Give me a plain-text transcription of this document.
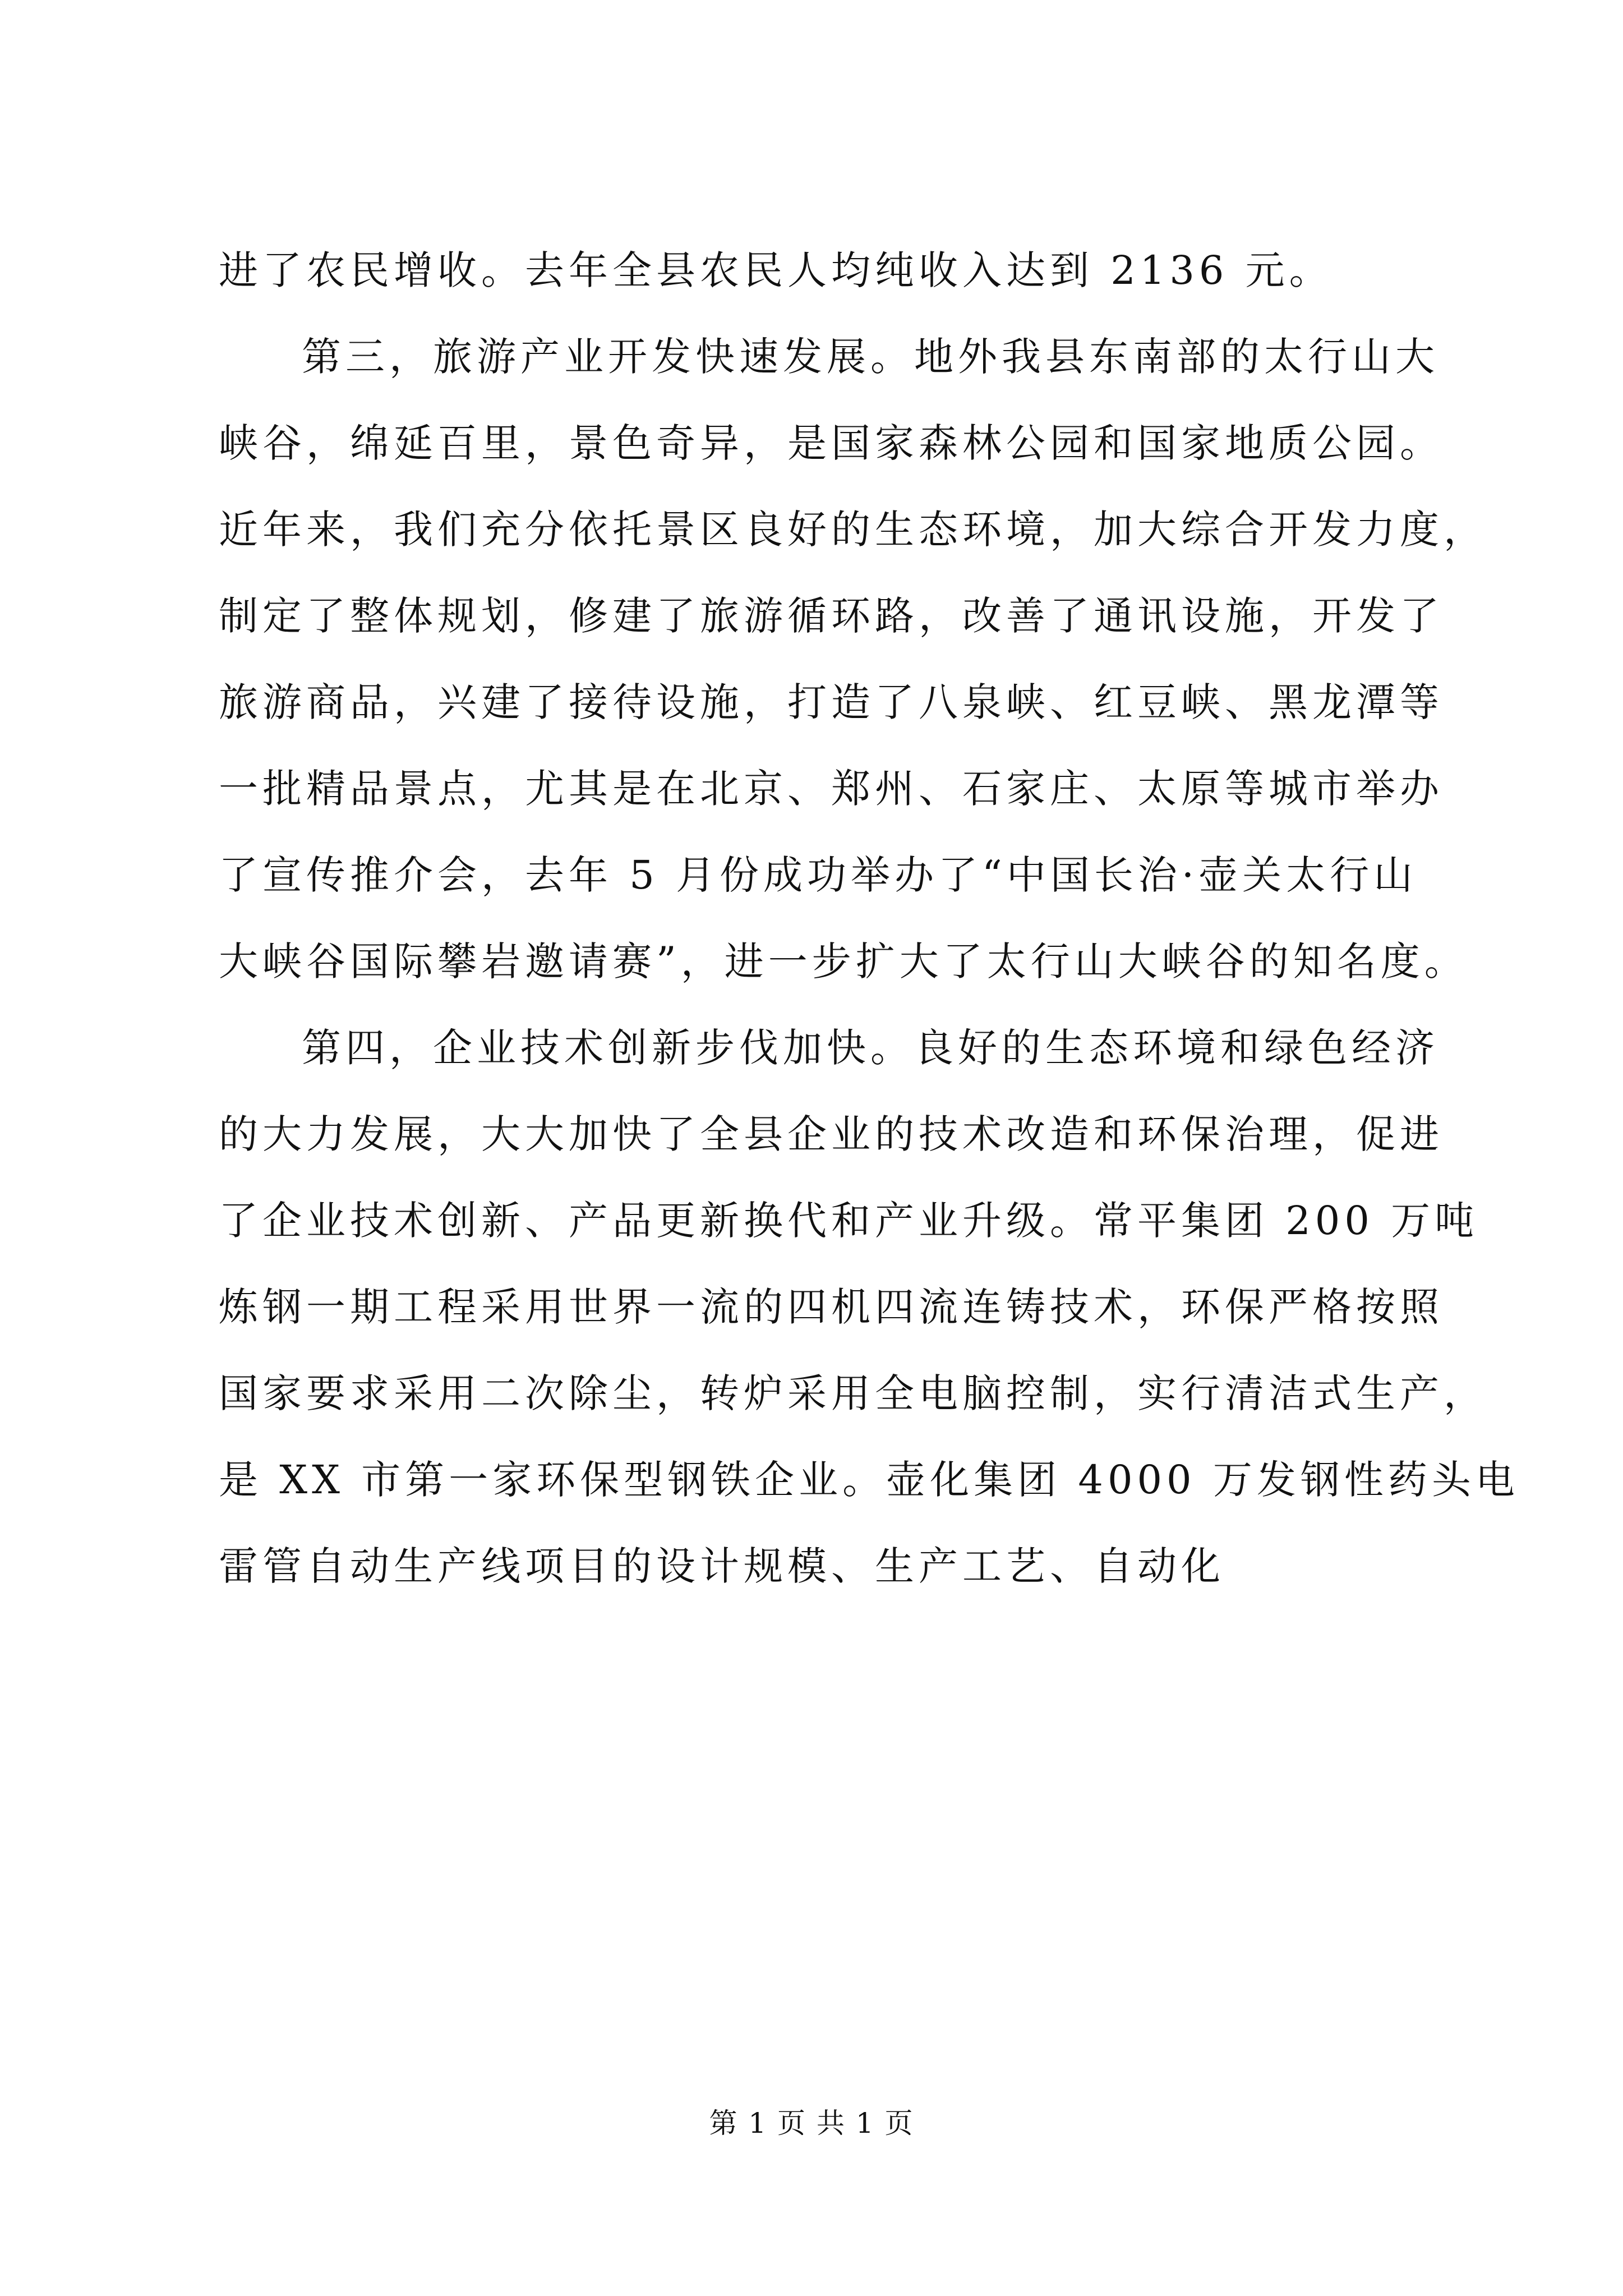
进了农民增收。去年全县农民人均纯收入达到 2136 元。
第三，旅游产业开发快速发展。地外我县东南部的太行山大
峡谷，绵延百里，景色奇异，是国家森林公园和国家地质公园。
近年来，我们充分依托景区良好的生态环境，加大综合开发力度，
制定了整体规划，修建了旅游循环路，改善了通讯设施，开发了
旅游商品，兴建了接待设施，打造了八泉峡、红豆峡、黑龙潭等
一批精品景点，尤其是在北京、郑州、石家庄、太原等城市举办
了宣传推介会，去年 5 月份成功举办了“中国长治·壶关太行山
大峡谷国际攀岩邀请赛”，进一步扩大了太行山大峡谷的知名度。
第四，企业技术创新步伐加快。良好的生态环境和绿色经济
的大力发展，大大加快了全县企业的技术改造和环保治理，促进
了企业技术创新、产品更新换代和产业升级。常平集团 200 万吨
炼钢一期工程采用世界一流的四机四流连铸技术，环保严格按照
国家要求采用二次除尘，转炉采用全电脑控制，实行清洁式生产，
是 XX 市第一家环保型钢铁企业。壶化集团 4000 万发钢性药头电
雷管自动生产线项目的设计规模、生产工艺、自动化
第 1 页 共 1 页
